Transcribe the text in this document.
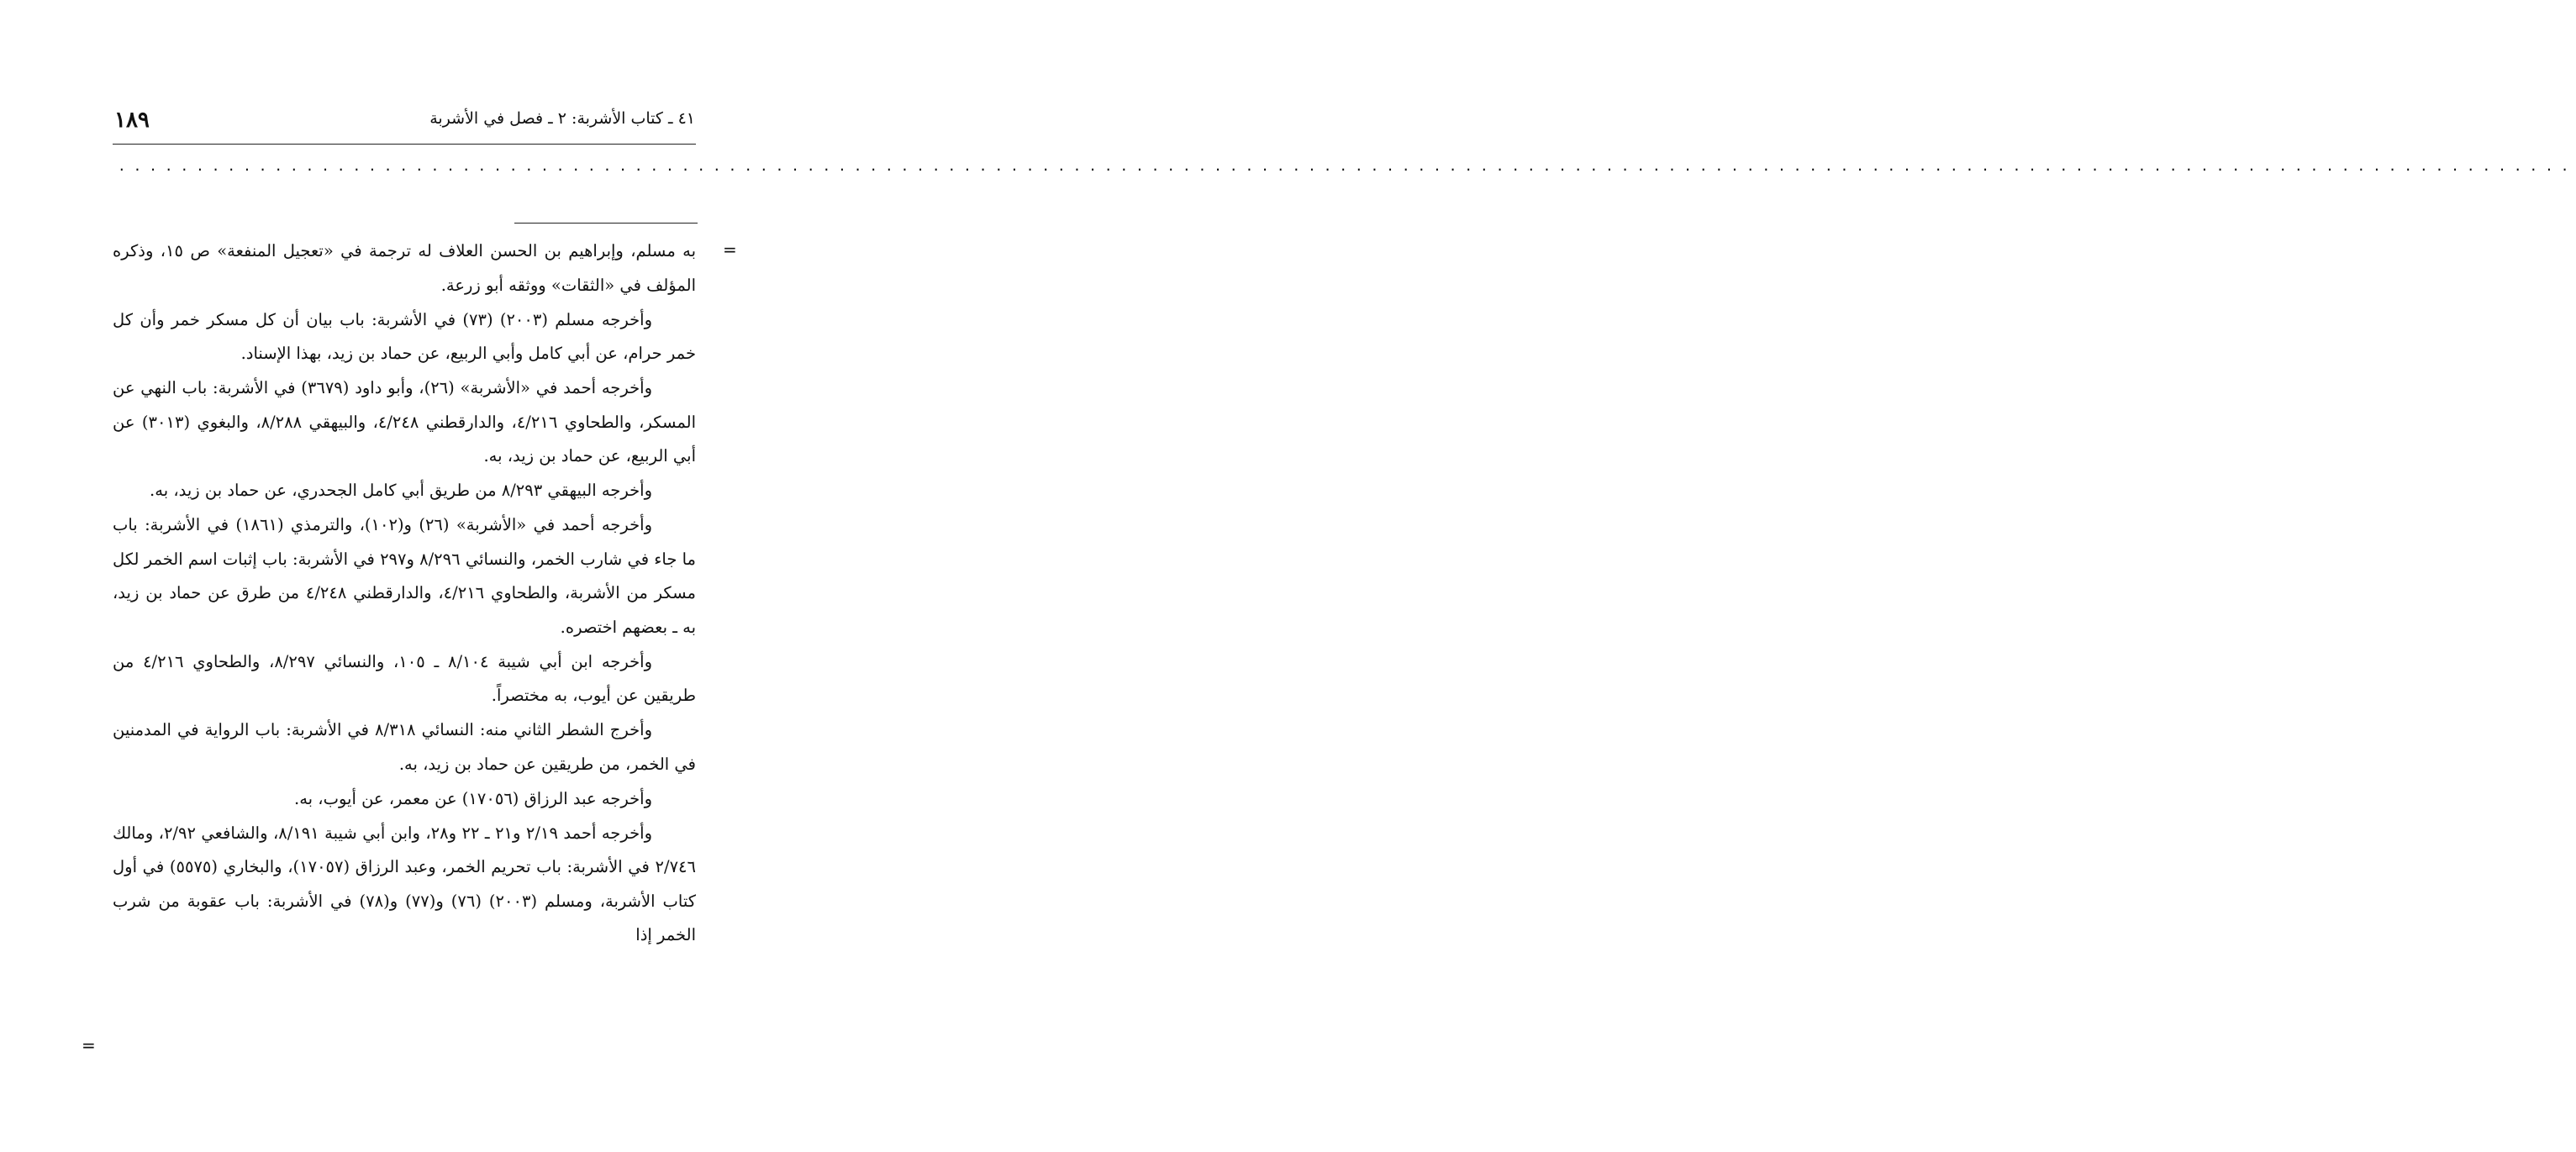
١٨٩	٤١ ـ كتاب الأشربة: ٢ ـ فصل في الأشربة
.............................................................................................................................................................
=
=

به مسلم، وإبراهيم بن الحسن العلاف له ترجمة في «تعجيل المنفعة» ص ١٥، وذكره المؤلف في «الثقات» ووثقه أبو زرعة.

وأخرجه مسلم (٢٠٠٣) (٧٣) في الأشربة: باب بيان أن كل مسكر خمر وأن كل خمر حرام، عن أبي كامل وأبي الربيع، عن حماد بن زيد، بهذا الإسناد.

وأخرجه أحمد في «الأشربة» (٢٦)، وأبو داود (٣٦٧٩) في الأشربة: باب النهي عن المسكر، والطحاوي ٤/٢١٦، والدارقطني ٤/٢٤٨، والبيهقي ٨/٢٨٨، والبغوي (٣٠١٣) عن أبي الربيع، عن حماد بن زيد، به.

وأخرجه البيهقي ٨/٢٩٣ من طريق أبي كامل الجحدري، عن حماد بن زيد، به.

وأخرجه أحمد في «الأشربة» (٢٦) و(١٠٢)، والترمذي (١٨٦١) في الأشربة: باب ما جاء في شارب الخمر، والنسائي ٨/٢٩٦ و٢٩٧ في الأشربة: باب إثبات اسم الخمر لكل مسكر من الأشربة، والطحاوي ٤/٢١٦، والدارقطني ٤/٢٤٨ من طرق عن حماد بن زيد، به ـ بعضهم اختصره.

وأخرجه ابن أبي شيبة ٨/١٠٤ ـ ١٠٥، والنسائي ٨/٢٩٧، والطحاوي ٤/٢١٦ من طريقين عن أيوب، به مختصراً.

وأخرج الشطر الثاني منه: النسائي ٨/٣١٨ في الأشربة: باب الرواية في المدمنين في الخمر، من طريقين عن حماد بن زيد، به.

وأخرجه عبد الرزاق (١٧٠٥٦) عن معمر، عن أيوب، به.

وأخرجه أحمد ٢/١٩ و٢١ ـ ٢٢ و٢٨، وابن أبي شيبة ٨/١٩١، والشافعي ٢/٩٢، ومالك ٢/٧٤٦ في الأشربة: باب تحريم الخمر، وعبد الرزاق (١٧٠٥٧)، والبخاري (٥٥٧٥) في أول كتاب الأشربة، ومسلم (٢٠٠٣) (٧٦) و(٧٧) و(٧٨) في الأشربة: باب عقوبة من شرب الخمر إذا
